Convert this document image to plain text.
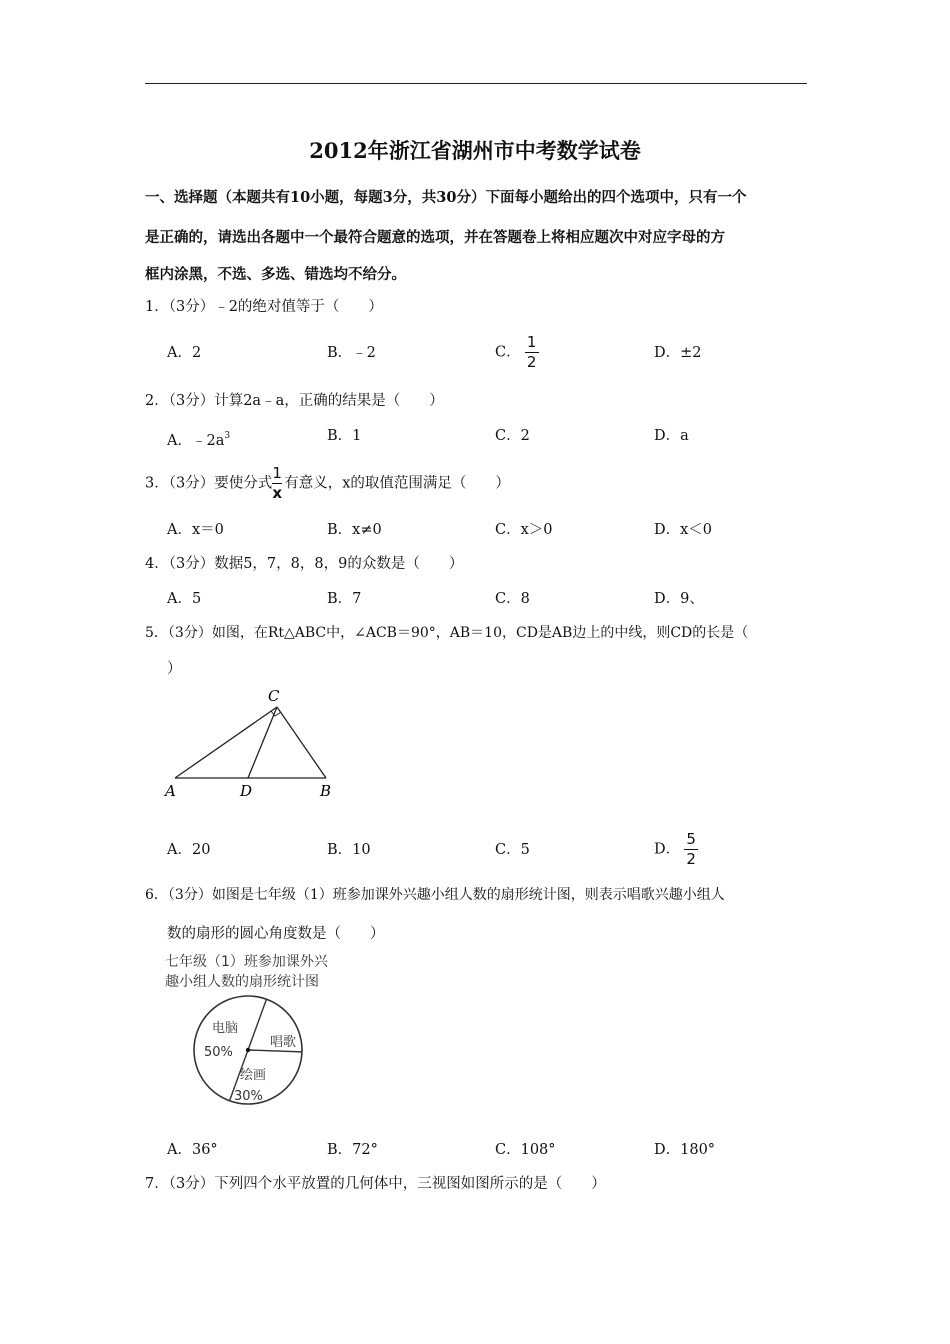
2012年浙江省湖州市中考数学试卷
一、选择题（本题共有10小题，每题3分，共30分）下面每小题给出的四个选项中，只有一个
是正确的，请选出各题中一个最符合题意的选项，并在答题卷上将相应题次中对应字母的方
框内涂黑，不选、多选、错选均不给分。
1．（3分）﹣2的绝对值等于（　　）
A．2	B．﹣2	C． $\frac{1}{2}$	D．±2
2．（3分）计算2a﹣a，正确的结果是（　　）
A．$﹣2a^3$	B．1	C．2	D．a
3．（3分）要使分式 $\frac{1}{x}$ 有意义，x的取值范围满足（　　）
A．x＝0	B．x≠0	C．x＞0	D．x＜0
4．（3分）数据5，7，8，8，9的众数是（　　）
A．5	B．7	C．8	D．9、
5．（3分）如图，在Rt△ABC中，∠ACB＝90°，AB＝10，CD是AB边上的中线，则CD的长是（
）
C
A	D	B
A．20	B．10	C．5	D． $\frac{5}{2}$
6．（3分）如图是七年级（1）班参加课外兴趣小组人数的扇形统计图，则表示唱歌兴趣小组人
数的扇形的圆心角度数是（　　）
七年级（1）班参加课外兴
趣小组人数的扇形统计图
电脑
50%
绘画
30%
唱歌
A．36°	B．72°	C．108°	D．180°
7．（3分）下列四个水平放置的几何体中，三视图如图所示的是（　　）
